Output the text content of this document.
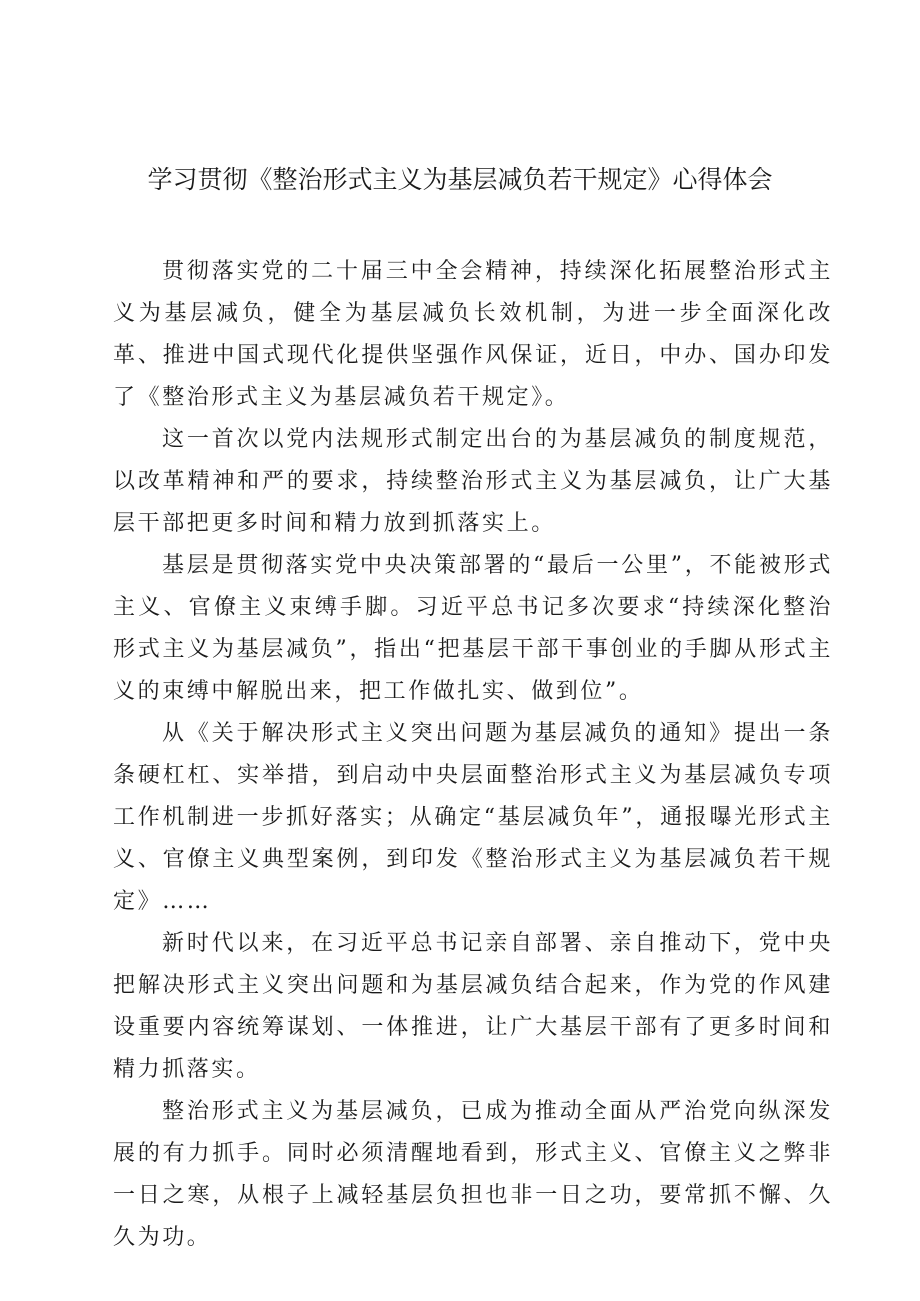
学习贯彻《整治形式主义为基层减负若干规定》心得体会

贯彻落实党的二十届三中全会精神，持续深化拓展整治形式主义为基层减负，健全为基层减负长效机制，为进一步全面深化改革、推进中国式现代化提供坚强作风保证，近日，中办、国办印发了《整治形式主义为基层减负若干规定》。

这一首次以党内法规形式制定出台的为基层减负的制度规范，以改革精神和严的要求，持续整治形式主义为基层减负，让广大基层干部把更多时间和精力放到抓落实上。

基层是贯彻落实党中央决策部署的“最后一公里”，不能被形式主义、官僚主义束缚手脚。习近平总书记多次要求“持续深化整治形式主义为基层减负”，指出“把基层干部干事创业的手脚从形式主义的束缚中解脱出来，把工作做扎实、做到位”。

从《关于解决形式主义突出问题为基层减负的通知》提出一条条硬杠杠、实举措，到启动中央层面整治形式主义为基层减负专项工作机制进一步抓好落实；从确定“基层减负年”，通报曝光形式主义、官僚主义典型案例，到印发《整治形式主义为基层减负若干规定》……

新时代以来，在习近平总书记亲自部署、亲自推动下，党中央把解决形式主义突出问题和为基层减负结合起来，作为党的作风建设重要内容统筹谋划、一体推进，让广大基层干部有了更多时间和精力抓落实。

整治形式主义为基层减负，已成为推动全面从严治党向纵深发展的有力抓手。同时必须清醒地看到，形式主义、官僚主义之弊非一日之寒，从根子上减轻基层负担也非一日之功，要常抓不懈、久久为功。
